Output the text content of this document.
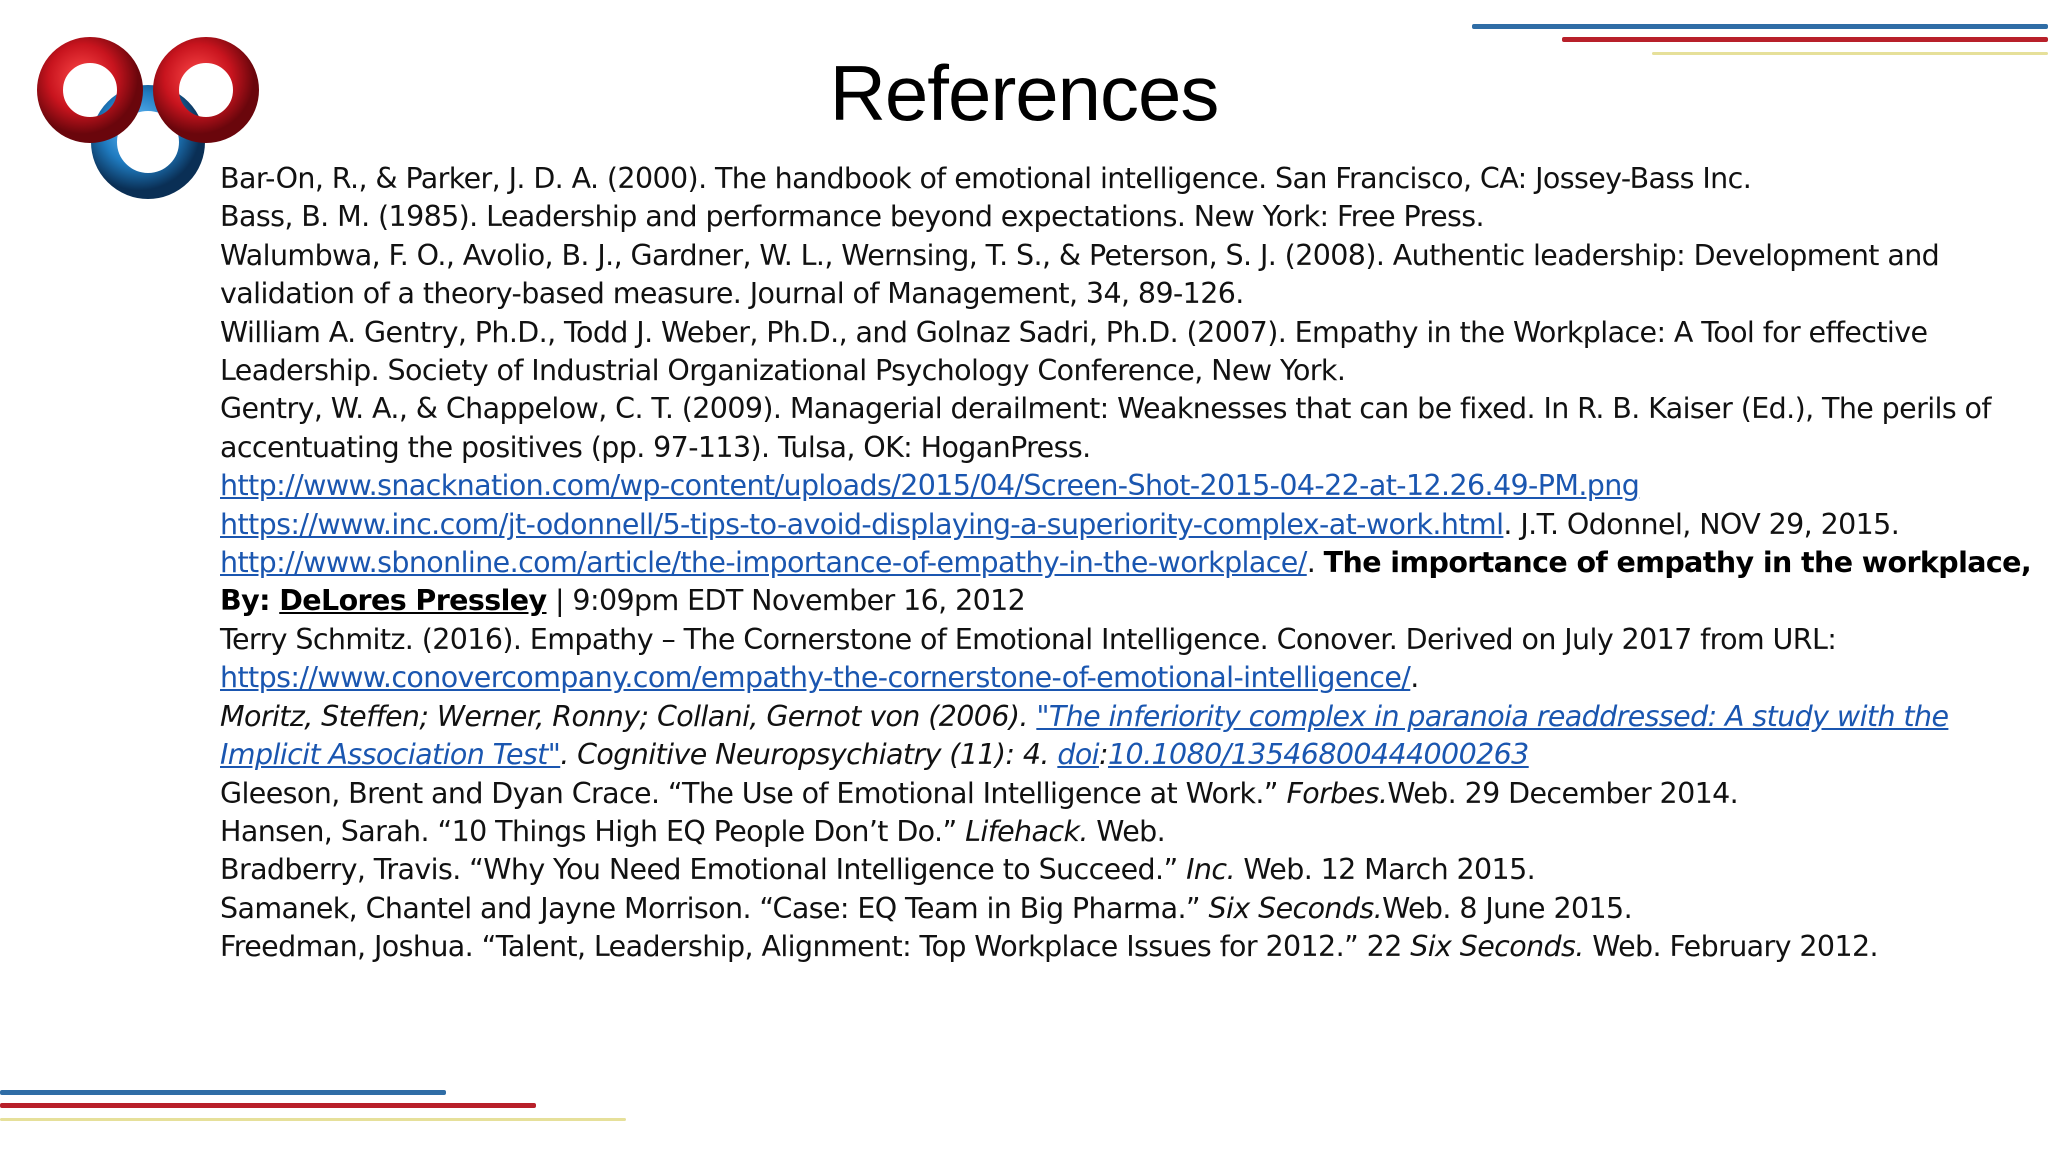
References
Bar-On, R., & Parker, J. D. A. (2000). The handbook of emotional intelligence. San Francisco, CA: Jossey-Bass Inc.
Bass, B. M. (1985). Leadership and performance beyond expectations. New York: Free Press.
Walumbwa, F. O., Avolio, B. J., Gardner, W. L., Wernsing, T. S., & Peterson, S. J. (2008). Authentic leadership: Development and
validation of a theory-based measure. Journal of Management, 34, 89-126.
William A. Gentry, Ph.D., Todd J. Weber, Ph.D., and Golnaz Sadri, Ph.D. (2007). Empathy in the Workplace: A Tool for effective
Leadership. Society of Industrial Organizational Psychology Conference, New York.
Gentry, W. A., & Chappelow, C. T. (2009). Managerial derailment: Weaknesses that can be fixed. In R. B. Kaiser (Ed.), The perils of
accentuating the positives (pp. 97-113). Tulsa, OK: HoganPress.
http://www.snacknation.com/wp-content/uploads/2015/04/Screen-Shot-2015-04-22-at-12.26.49-PM.png
https://www.inc.com/jt-odonnell/5-tips-to-avoid-displaying-a-superiority-complex-at-work.html. J.T. Odonnel, NOV 29, 2015.
http://www.sbnonline.com/article/the-importance-of-empathy-in-the-workplace/. The importance of empathy in the workplace,
By: DeLores Pressley | 9:09pm EDT November 16, 2012
Terry Schmitz. (2016). Empathy – The Cornerstone of Emotional Intelligence. Conover. Derived on July 2017 from URL:
https://www.conovercompany.com/empathy-the-cornerstone-of-emotional-intelligence/.
Moritz, Steffen; Werner, Ronny; Collani, Gernot von (2006). "The inferiority complex in paranoia readdressed: A study with the
Implicit Association Test". Cognitive Neuropsychiatry (11): 4. doi:10.1080/13546800444000263
Gleeson, Brent and Dyan Crace. “The Use of Emotional Intelligence at Work.” Forbes.Web. 29 December 2014.
Hansen, Sarah. “10 Things High EQ People Don’t Do.” Lifehack. Web.
Bradberry, Travis. “Why You Need Emotional Intelligence to Succeed.” Inc. Web. 12 March 2015.
Samanek, Chantel and Jayne Morrison. “Case: EQ Team in Big Pharma.” Six Seconds.Web. 8 June 2015.
Freedman, Joshua. “Talent, Leadership, Alignment: Top Workplace Issues for 2012.” 22 Six Seconds. Web. February 2012.
